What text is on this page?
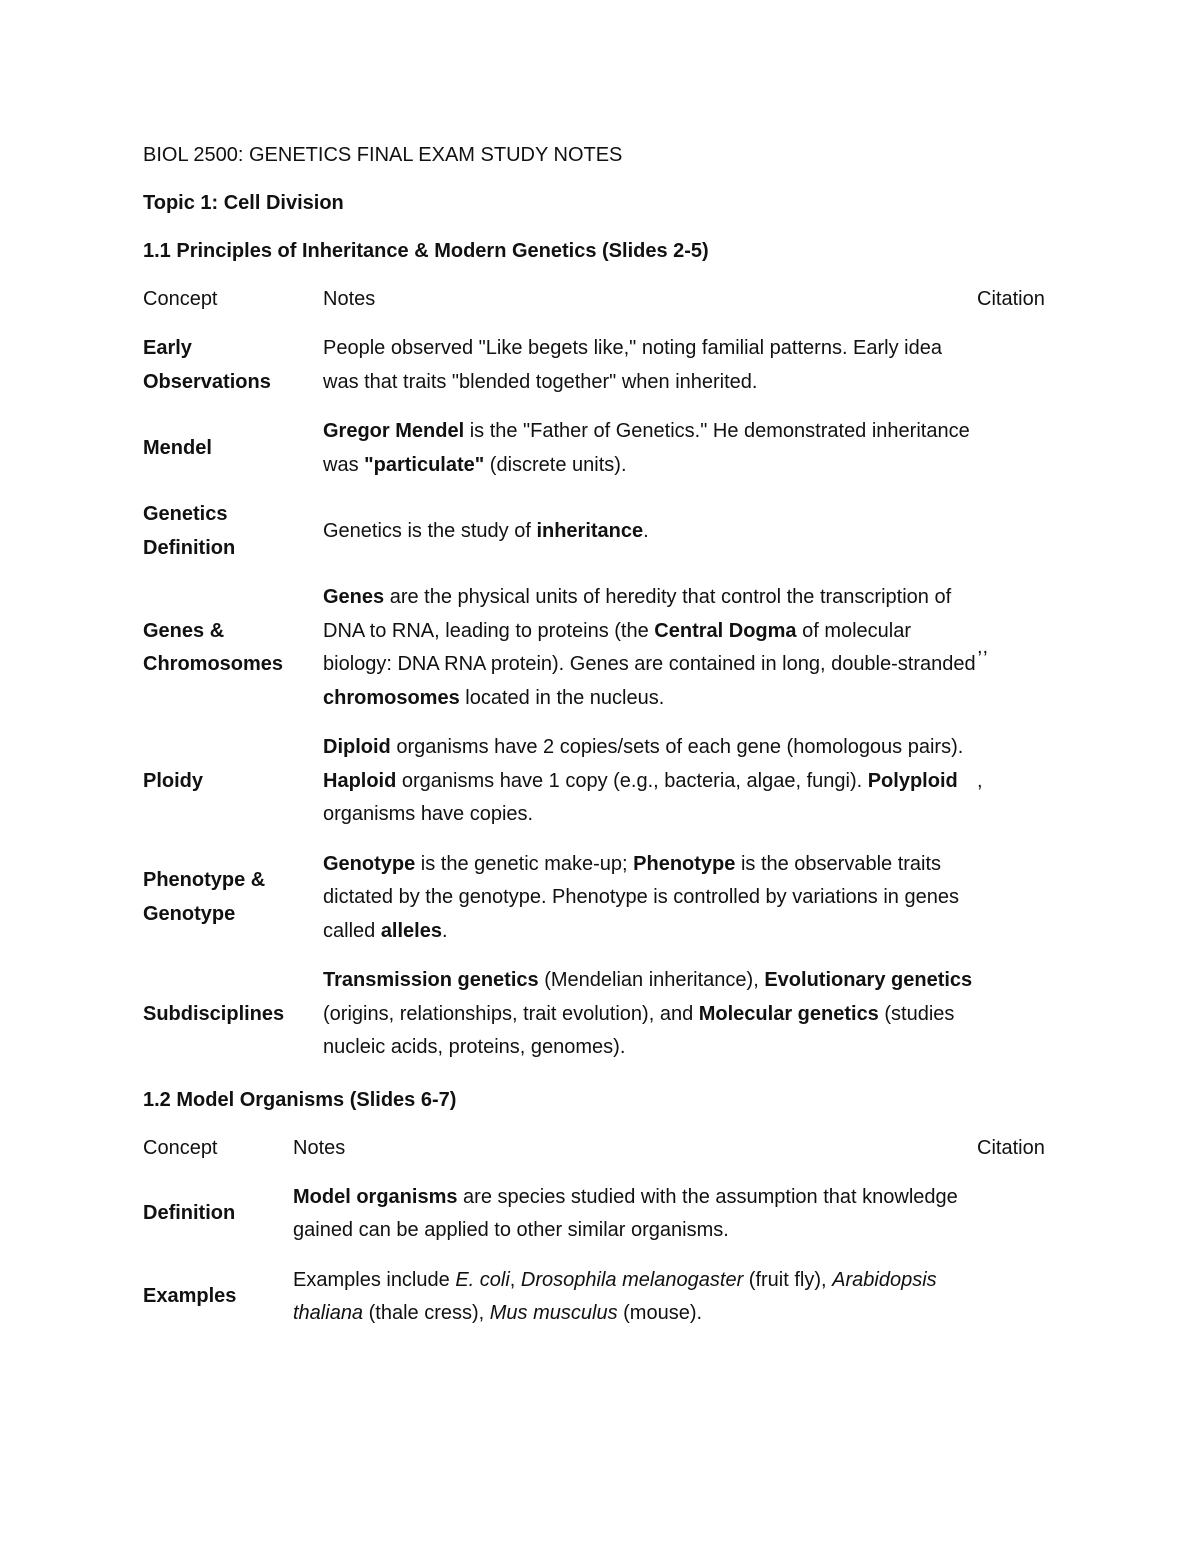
BIOL 2500: GENETICS FINAL EXAM STUDY NOTES
Topic 1: Cell Division
1.1 Principles of Inheritance & Modern Genetics (Slides 2-5)
Concept	Notes	Citation
Early Observations	People observed "Like begets like," noting familial patterns. Early idea was that traits "blended together" when inherited.	
Mendel	Gregor Mendel is the "Father of Genetics." He demonstrated inheritance was "particulate" (discrete units).	
Genetics Definition	Genetics is the study of inheritance.	
Genes & Chromosomes	Genes are the physical units of heredity that control the transcription of DNA to RNA, leading to proteins (the Central Dogma of molecular biology: DNA RNA protein). Genes are contained in long, double-stranded chromosomes located in the nucleus.	,,
Ploidy	Diploid organisms have 2 copies/sets of each gene (homologous pairs). Haploid organisms have 1 copy (e.g., bacteria, algae, fungi). Polyploid organisms have copies.	,
Phenotype & Genotype	Genotype is the genetic make-up; Phenotype is the observable traits dictated by the genotype. Phenotype is controlled by variations in genes called alleles.	
Subdisciplines	Transmission genetics (Mendelian inheritance), Evolutionary genetics (origins, relationships, trait evolution), and Molecular genetics (studies nucleic acids, proteins, genomes).	
1.2 Model Organisms (Slides 6-7)
Concept	Notes	Citation
Definition	Model organisms are species studied with the assumption that knowledge gained can be applied to other similar organisms.	
Examples	Examples include E. coli, Drosophila melanogaster (fruit fly), Arabidopsis thaliana (thale cress), Mus musculus (mouse).	
